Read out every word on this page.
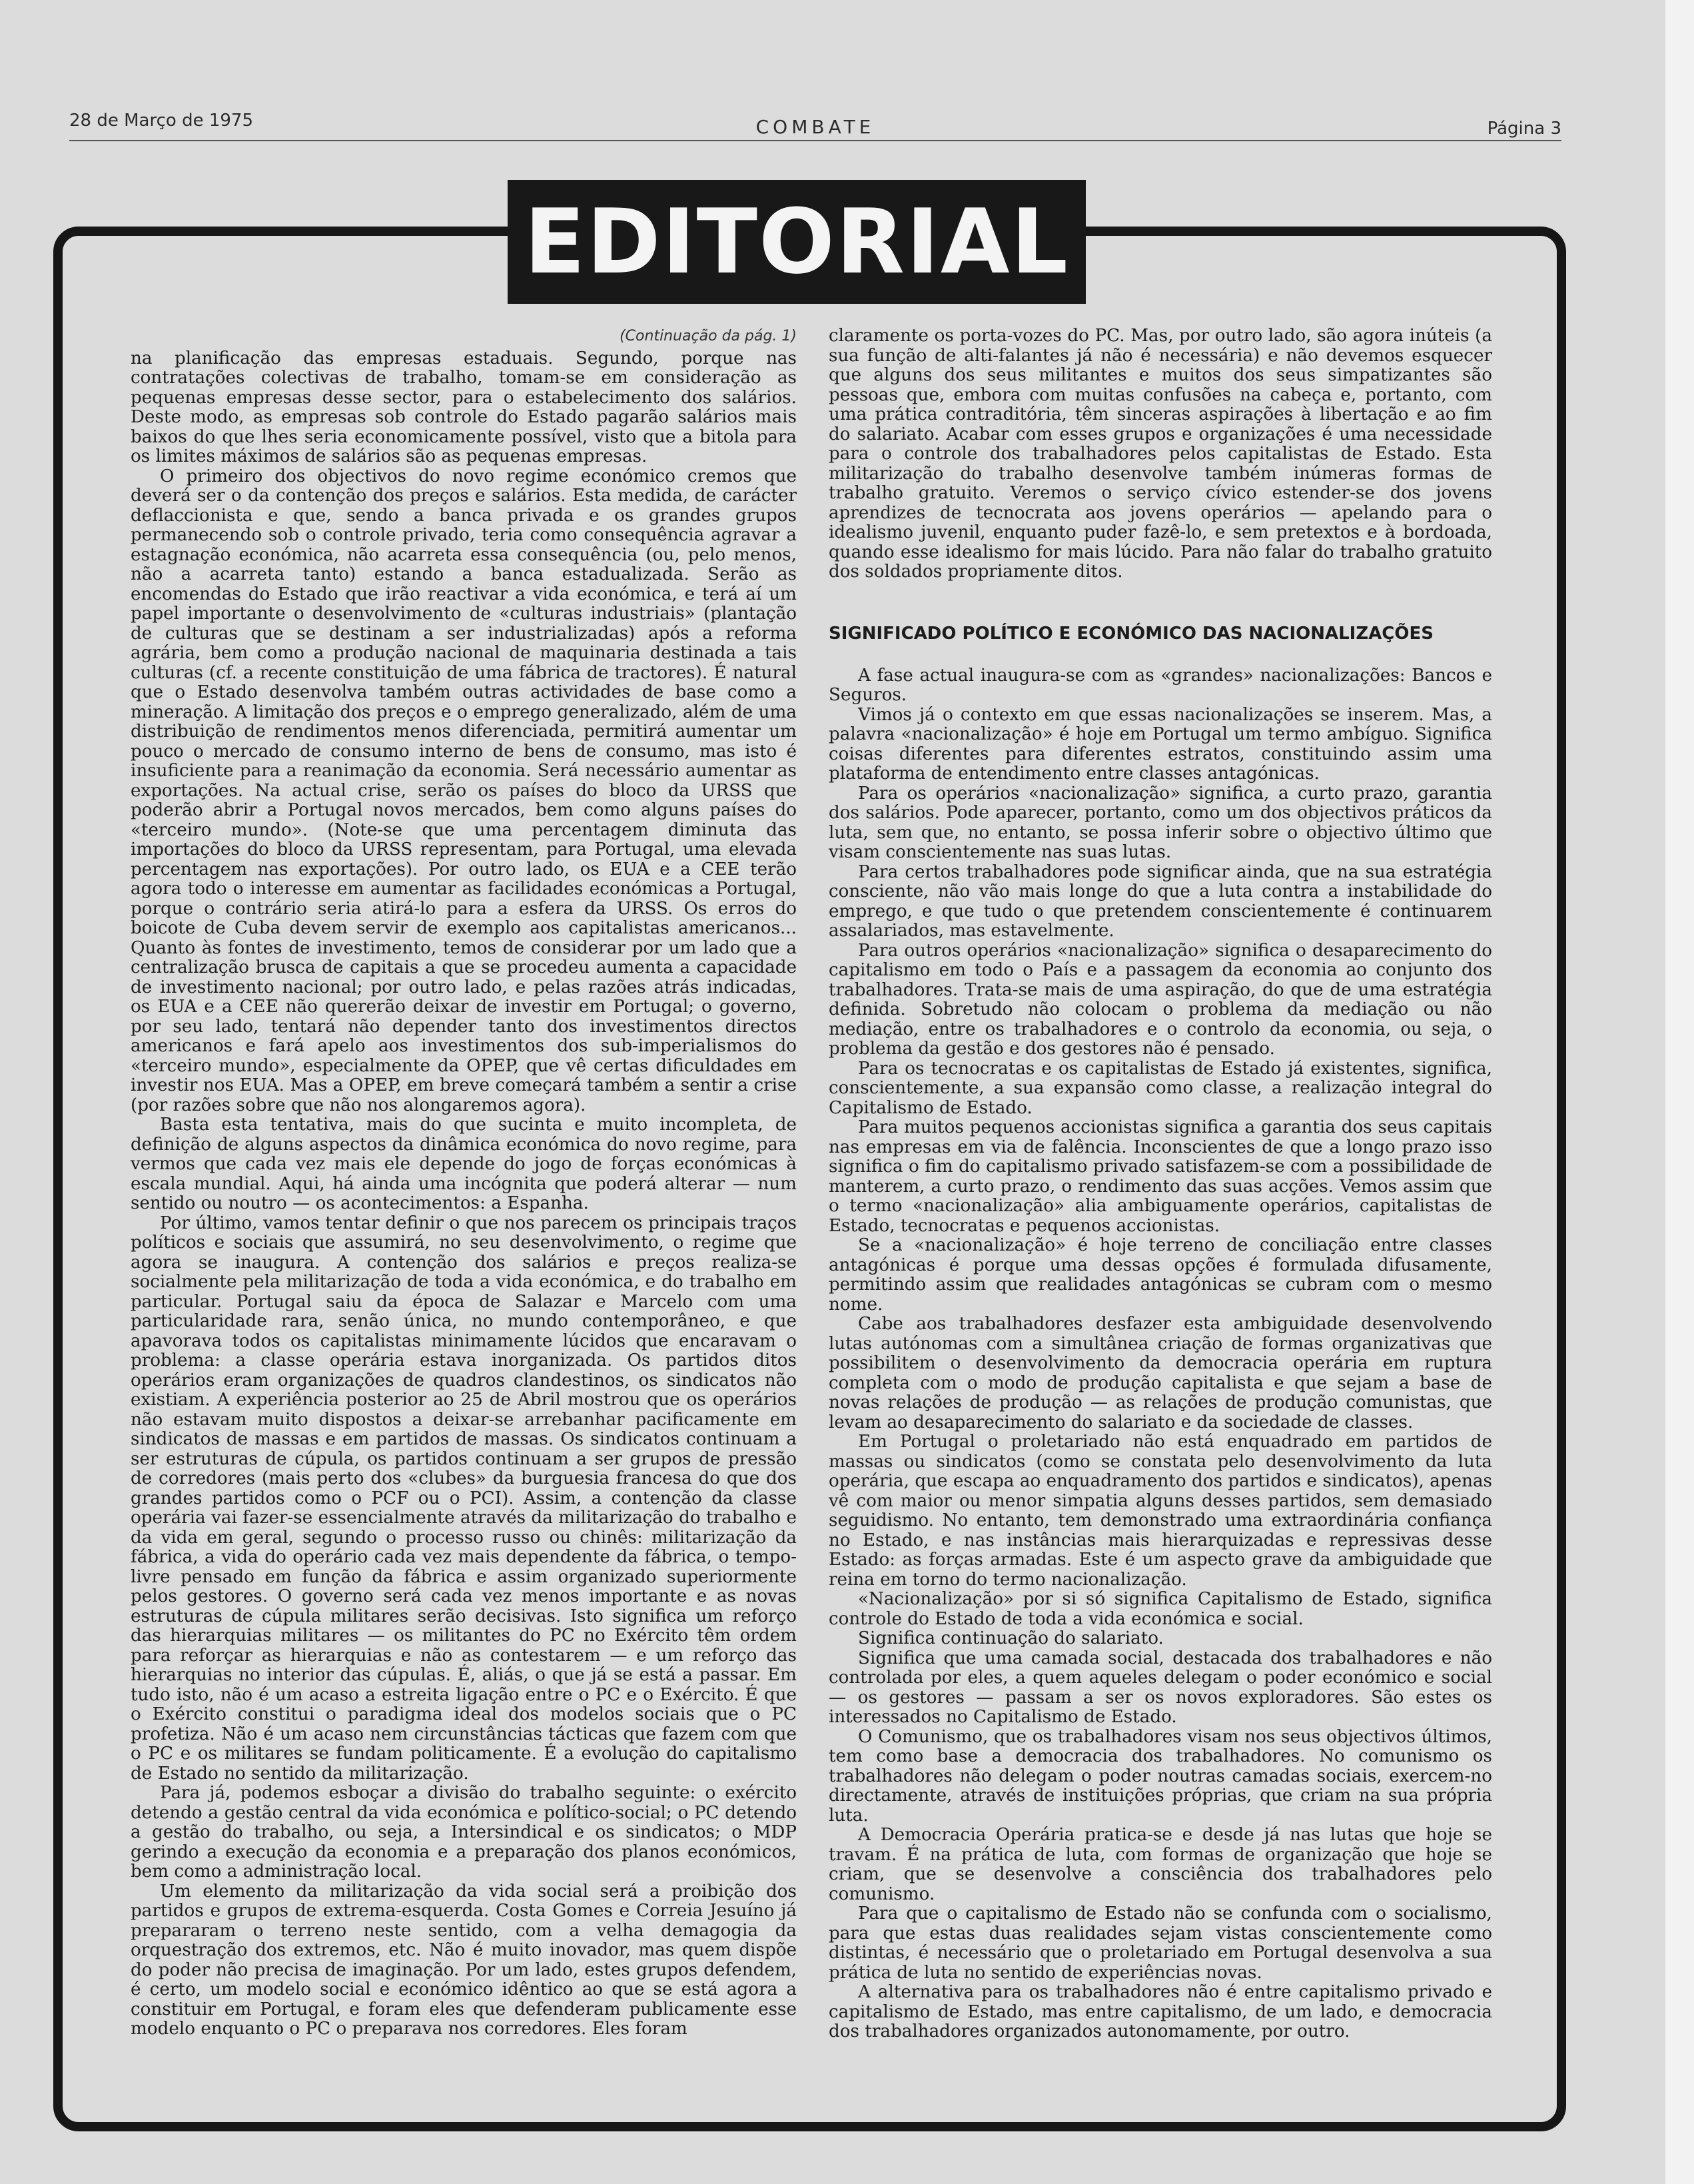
28 de Março de 1975	COMBATE	Página 3
EDITORIAL
(Continuação da pág. 1)

na planificação das empresas estaduais. Segundo, porque nas contratações colectivas de trabalho, tomam-se em consideração as pequenas empresas desse sector, para o estabelecimento dos salários. Deste modo, as empresas sob controle do Estado pagarão salários mais baixos do que lhes seria economicamente possível, visto que a bitola para os limites máximos de salários são as pequenas empresas.

O primeiro dos objectivos do novo regime económico cremos que deverá ser o da contenção dos preços e salários. Esta medida, de carácter deflaccionista e que, sendo a banca privada e os grandes grupos permanecendo sob o controle privado, teria como consequência agravar a estagnação económica, não acarreta essa consequência (ou, pelo menos, não a acarreta tanto) estando a banca estadualizada. Serão as encomendas do Estado que irão reactivar a vida económica, e terá aí um papel importante o desenvolvimento de «culturas industriais» (plantação de culturas que se destinam a ser industrializadas) após a reforma agrária, bem como a produção nacional de maquinaria destinada a tais culturas (cf. a recente constituição de uma fábrica de tractores). É natural que o Estado desenvolva também outras actividades de base como a mineração. A limitação dos preços e o emprego generalizado, além de uma distribuição de rendimentos menos diferenciada, permitirá aumentar um pouco o mercado de consumo interno de bens de consumo, mas isto é insuficiente para a reanimação da economia. Será necessário aumentar as exportações. Na actual crise, serão os países do bloco da URSS que poderão abrir a Portugal novos mercados, bem como alguns países do «terceiro mundo». (Note-se que uma percentagem diminuta das importações do bloco da URSS representam, para Portugal, uma elevada percentagem nas exportações). Por outro lado, os EUA e a CEE terão agora todo o interesse em aumentar as facilidades económicas a Portugal, porque o contrário seria atirá-lo para a esfera da URSS. Os erros do boicote de Cuba devem servir de exemplo aos capitalistas americanos... Quanto às fontes de investimento, temos de considerar por um lado que a centralização brusca de capitais a que se procedeu aumenta a capacidade de investimento nacional; por outro lado, e pelas razões atrás indicadas, os EUA e a CEE não quererão deixar de investir em Portugal; o governo, por seu lado, tentará não depender tanto dos investimentos directos americanos e fará apelo aos investimentos dos sub-imperialismos do «terceiro mundo», especialmente da OPEP, que vê certas dificuldades em investir nos EUA. Mas a OPEP, em breve começará também a sentir a crise (por razões sobre que não nos alongaremos agora).

Basta esta tentativa, mais do que sucinta e muito incompleta, de definição de alguns aspectos da dinâmica económica do novo regime, para vermos que cada vez mais ele depende do jogo de forças económicas à escala mundial. Aqui, há ainda uma incógnita que poderá alterar — num sentido ou noutro — os acontecimentos: a Espanha.

Por último, vamos tentar definir o que nos parecem os principais traços políticos e sociais que assumirá, no seu desenvolvimento, o regime que agora se inaugura. A contenção dos salários e preços realiza-se socialmente pela militarização de toda a vida económica, e do trabalho em particular. Portugal saiu da época de Salazar e Marcelo com uma particularidade rara, senão única, no mundo contemporâneo, e que apavorava todos os capitalistas minimamente lúcidos que encaravam o problema: a classe operária estava inorganizada. Os partidos ditos operários eram organizações de quadros clandestinos, os sindicatos não existiam. A experiência posterior ao 25 de Abril mostrou que os operários não estavam muito dispostos a deixar-se arrebanhar pacificamente em sindicatos de massas e em partidos de massas. Os sindicatos continuam a ser estruturas de cúpula, os partidos continuam a ser grupos de pressão de corredores (mais perto dos «clubes» da burguesia francesa do que dos grandes partidos como o PCF ou o PCI). Assim, a contenção da classe operária vai fazer-se essencialmente através da militarização do trabalho e da vida em geral, segundo o processo russo ou chinês: militarização da fábrica, a vida do operário cada vez mais dependente da fábrica, o tempo-livre pensado em função da fábrica e assim organizado superiormente pelos gestores. O governo será cada vez menos importante e as novas estruturas de cúpula militares serão decisivas. Isto significa um reforço das hierarquias militares — os militantes do PC no Exército têm ordem para reforçar as hierarquias e não as contestarem — e um reforço das hierarquias no interior das cúpulas. É, aliás, o que já se está a passar. Em tudo isto, não é um acaso a estreita ligação entre o PC e o Exército. É que o Exército constitui o paradigma ideal dos modelos sociais que o PC profetiza. Não é um acaso nem circunstâncias tácticas que fazem com que o PC e os militares se fundam politicamente. É a evolução do capitalismo de Estado no sentido da militarização.

Para já, podemos esboçar a divisão do trabalho seguinte: o exército detendo a gestão central da vida económica e político-social; o PC detendo a gestão do trabalho, ou seja, a Intersindical e os sindicatos; o MDP gerindo a execução da economia e a preparação dos planos económicos, bem como a administração local.

Um elemento da militarização da vida social será a proibição dos partidos e grupos de extrema-esquerda. Costa Gomes e Correia Jesuíno já prepararam o terreno neste sentido, com a velha demagogia da orquestração dos extremos, etc. Não é muito inovador, mas quem dispõe do poder não precisa de imaginação. Por um lado, estes grupos defendem, é certo, um modelo social e económico idêntico ao que se está agora a constituir em Portugal, e foram eles que defenderam publicamente esse modelo enquanto o PC o preparava nos corredores. Eles foram

claramente os porta-vozes do PC. Mas, por outro lado, são agora inúteis (a sua função de alti-falantes já não é necessária) e não devemos esquecer que alguns dos seus militantes e muitos dos seus simpatizantes são pessoas que, embora com muitas confusões na cabeça e, portanto, com uma prática contraditória, têm sinceras aspirações à libertação e ao fim do salariato. Acabar com esses grupos e organizações é uma necessidade para o controle dos trabalhadores pelos capitalistas de Estado. Esta militarização do trabalho desenvolve também inúmeras formas de trabalho gratuito. Veremos o serviço cívico estender-se dos jovens aprendizes de tecnocrata aos jovens operários — apelando para o idealismo juvenil, enquanto puder fazê-lo, e sem pretextos e à bordoada, quando esse idealismo for mais lúcido. Para não falar do trabalho gratuito dos soldados propriamente ditos.

SIGNIFICADO POLÍTICO E ECONÓMICO DAS NACIONALIZAÇÕES

A fase actual inaugura-se com as «grandes» nacionalizações: Bancos e Seguros.

Vimos já o contexto em que essas nacionalizações se inserem. Mas, a palavra «nacionalização» é hoje em Portugal um termo ambíguo. Significa coisas diferentes para diferentes estratos, constituindo assim uma plataforma de entendimento entre classes antagónicas.

Para os operários «nacionalização» significa, a curto prazo, garantia dos salários. Pode aparecer, portanto, como um dos objectivos práticos da luta, sem que, no entanto, se possa inferir sobre o objectivo último que visam conscientemente nas suas lutas.

Para certos trabalhadores pode significar ainda, que na sua estratégia consciente, não vão mais longe do que a luta contra a instabilidade do emprego, e que tudo o que pretendem conscientemente é continuarem assalariados, mas estavelmente.

Para outros operários «nacionalização» significa o desaparecimento do capitalismo em todo o País e a passagem da economia ao conjunto dos trabalhadores. Trata-se mais de uma aspiração, do que de uma estratégia definida. Sobretudo não colocam o problema da mediação ou não mediação, entre os trabalhadores e o controlo da economia, ou seja, o problema da gestão e dos gestores não é pensado.

Para os tecnocratas e os capitalistas de Estado já existentes, significa, conscientemente, a sua expansão como classe, a realização integral do Capitalismo de Estado.

Para muitos pequenos accionistas significa a garantia dos seus capitais nas empresas em via de falência. Inconscientes de que a longo prazo isso significa o fim do capitalismo privado satisfazem-se com a possibilidade de manterem, a curto prazo, o rendimento das suas acções. Vemos assim que o termo «nacionalização» alia ambiguamente operários, capitalistas de Estado, tecnocratas e pequenos accionistas.

Se a «nacionalização» é hoje terreno de conciliação entre classes antagónicas é porque uma dessas opções é formulada difusamente, permitindo assim que realidades antagónicas se cubram com o mesmo nome.

Cabe aos trabalhadores desfazer esta ambiguidade desenvolvendo lutas autónomas com a simultânea criação de formas organizativas que possibilitem o desenvolvimento da democracia operária em ruptura completa com o modo de produção capitalista e que sejam a base de novas relações de produção — as relações de produção comunistas, que levam ao desaparecimento do salariato e da sociedade de classes.

Em Portugal o proletariado não está enquadrado em partidos de massas ou sindicatos (como se constata pelo desenvolvimento da luta operária, que escapa ao enquadramento dos partidos e sindicatos), apenas vê com maior ou menor simpatia alguns desses partidos, sem demasiado seguidismo. No entanto, tem demonstrado uma extraordinária confiança no Estado, e nas instâncias mais hierarquizadas e repressivas desse Estado: as forças armadas. Este é um aspecto grave da ambiguidade que reina em torno do termo nacionalização.

«Nacionalização» por si só significa Capitalismo de Estado, significa controle do Estado de toda a vida económica e social.

Significa continuação do salariato.

Significa que uma camada social, destacada dos trabalhadores e não controlada por eles, a quem aqueles delegam o poder económico e social — os gestores — passam a ser os novos exploradores. São estes os interessados no Capitalismo de Estado.

O Comunismo, que os trabalhadores visam nos seus objectivos últimos, tem como base a democracia dos trabalhadores. No comunismo os trabalhadores não delegam o poder noutras camadas sociais, exercem-no directamente, através de instituições próprias, que criam na sua própria luta.

A Democracia Operária pratica-se e desde já nas lutas que hoje se travam. É na prática de luta, com formas de organização que hoje se criam, que se desenvolve a consciência dos trabalhadores pelo comunismo.

Para que o capitalismo de Estado não se confunda com o socialismo, para que estas duas realidades sejam vistas conscientemente como distintas, é necessário que o proletariado em Portugal desenvolva a sua prática de luta no sentido de experiências novas.

A alternativa para os trabalhadores não é entre capitalismo privado e capitalismo de Estado, mas entre capitalismo, de um lado, e democracia dos trabalhadores organizados autonomamente, por outro.
